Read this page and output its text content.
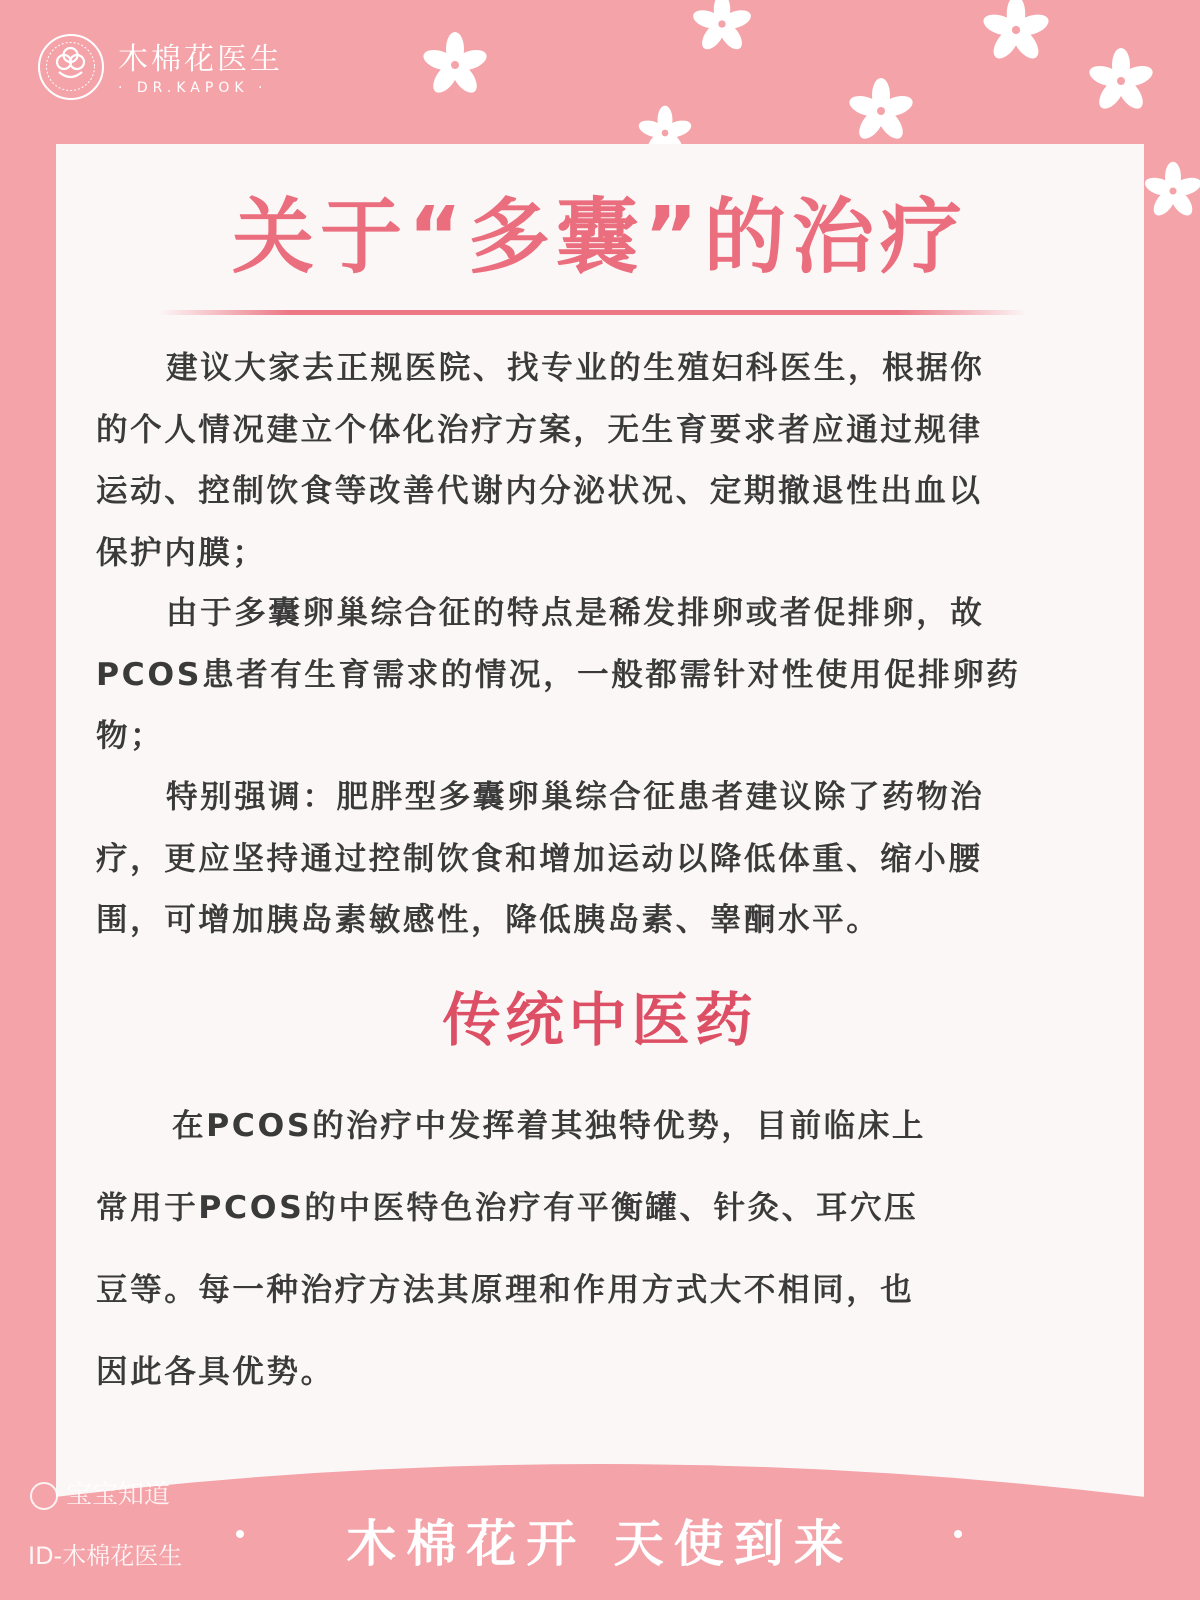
木棉花医生
· DR.KAPOK ·
关于“多囊”的治疗

建议大家去正规医院、找专业的生殖妇科医生，根据你
的个人情况建立个体化治疗方案，无生育要求者应通过规律
运动、控制饮食等改善代谢内分泌状况、定期撤退性出血以
保护内膜；

由于多囊卵巢综合征的特点是稀发排卵或者促排卵，故
PCOS患者有生育需求的情况，一般都需针对性使用促排卵药
物；

特别强调：肥胖型多囊卵巢综合征患者建议除了药物治
疗，更应坚持通过控制饮食和增加运动以降低体重、缩小腰
围，可增加胰岛素敏感性，降低胰岛素、睾酮水平。

传统中医药

在PCOS的治疗中发挥着其独特优势，目前临床上
常用于PCOS的中医特色治疗有平衡罐、针灸、耳穴压
豆等。每一种治疗方法其原理和作用方式大不相同，也
因此各具优势。

木棉花开 天使到来
宝宝知道
ID-木棉花医生
